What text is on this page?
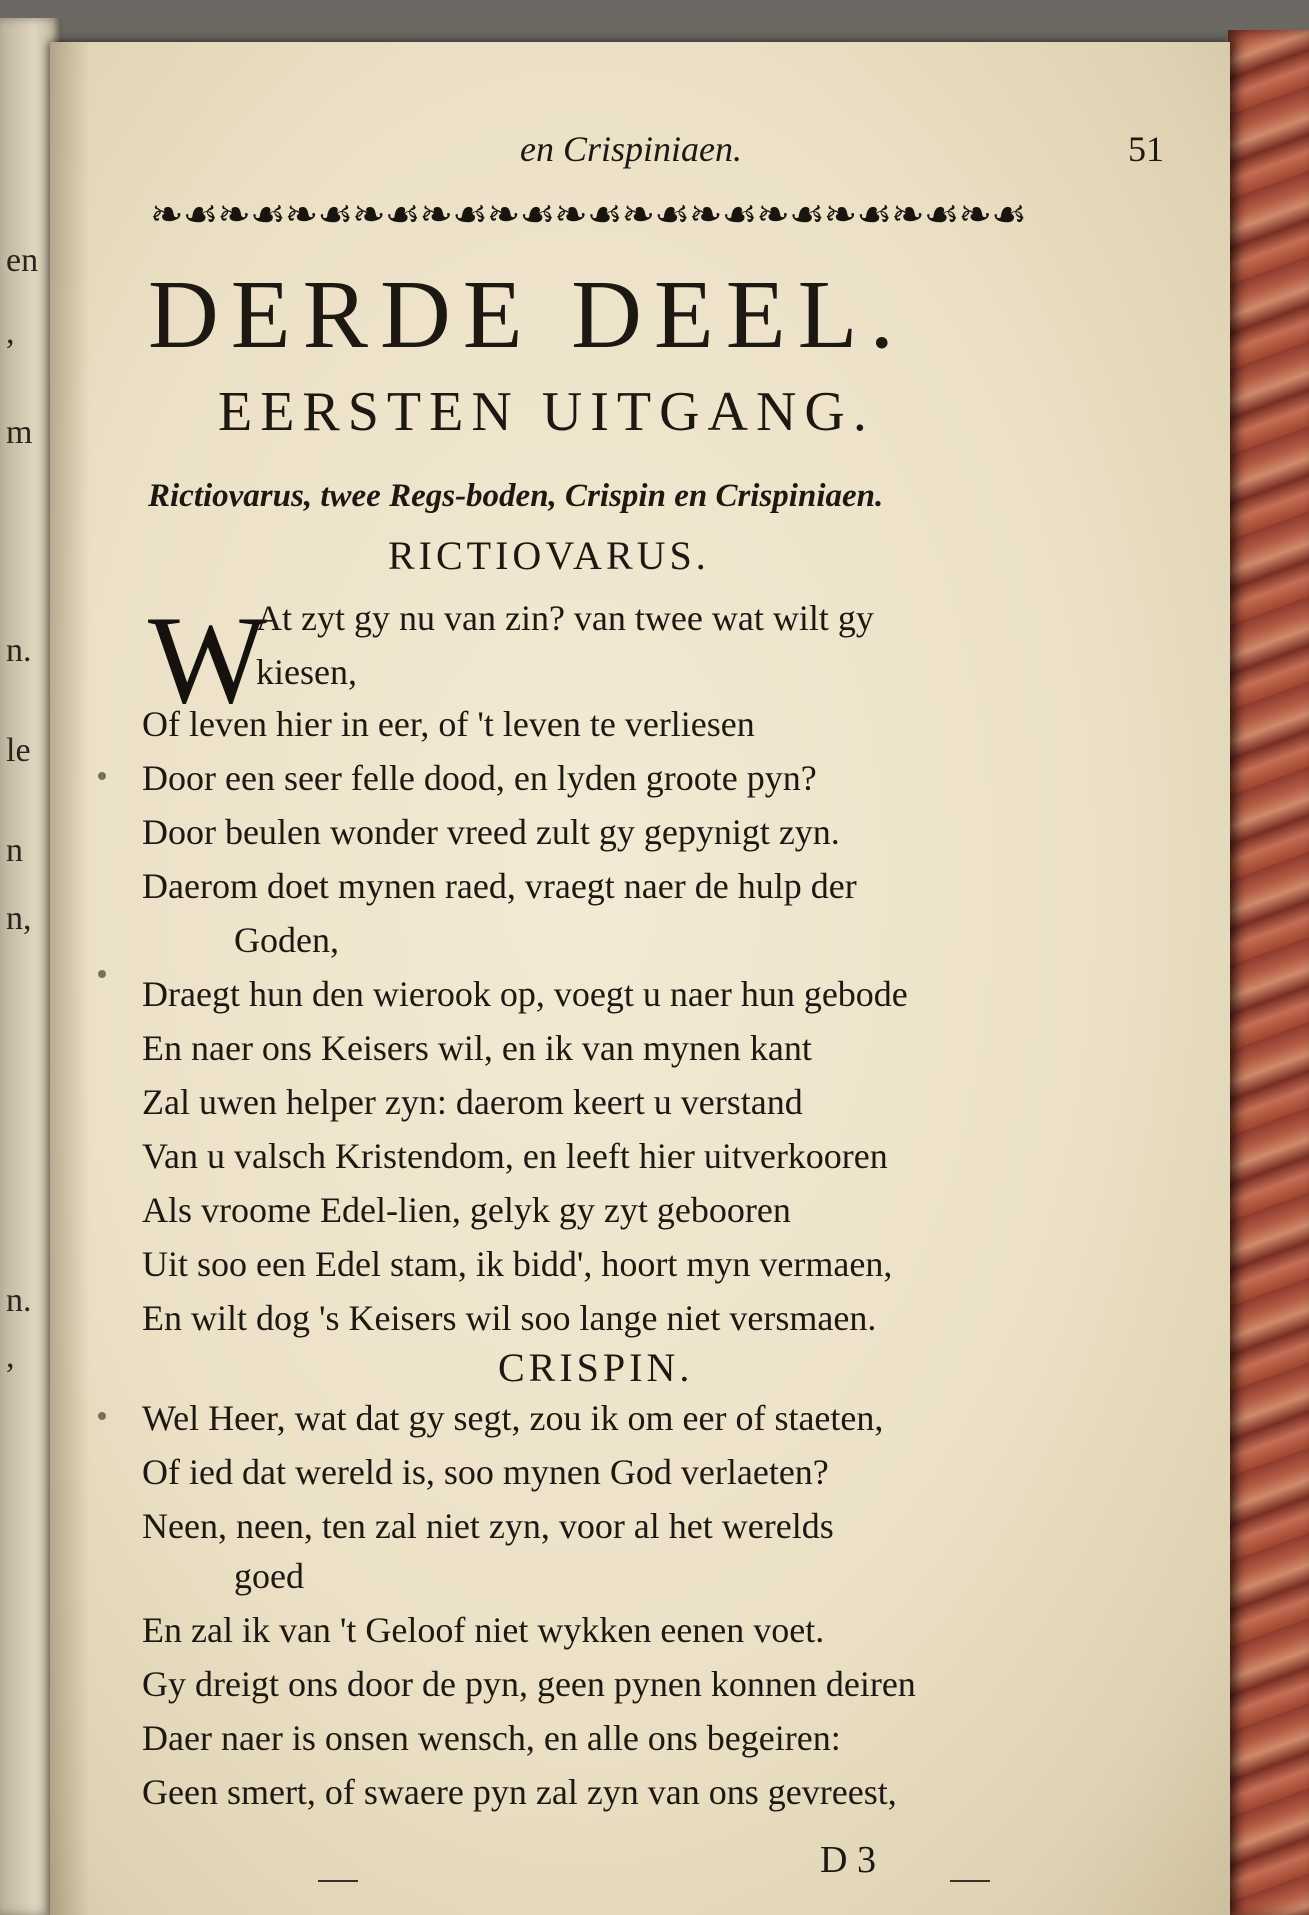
en
,
m
n.
le
n
n,
n.
,
en Crispiniaen.	51
❧☙❧☙❧☙❧☙❧☙❧☙❧☙❧☙❧☙❧☙❧☙❧☙❧☙
DERDE DEEL.
EERSTEN UITGANG.
Rictiovarus, twee Regs-boden, Crispin en Crispiniaen.
RICTIOVARUS.
W
At zyt gy nu van zin? van twee wat wilt gy
kiesen,
Of leven hier in eer, of 't leven te verliesen
Door een seer felle dood, en lyden groote pyn?
Door beulen wonder vreed zult gy gepynigt zyn.
Daerom doet mynen raed, vraegt naer de hulp der
Goden,
Draegt hun den wierook op, voegt u naer hun gebode
En naer ons Keisers wil, en ik van mynen kant
Zal uwen helper zyn: daerom keert u verstand
Van u valsch Kristendom, en leeft hier uitverkooren
Als vroome Edel-lien, gelyk gy zyt gebooren
Uit soo een Edel stam, ik bidd', hoort myn vermaen,
En wilt dog 's Keisers wil soo lange niet versmaen.
CRISPIN.
Wel Heer, wat dat gy segt, zou ik om eer of staeten,
Of ied dat wereld is, soo mynen God verlaeten?
Neen, neen, ten zal niet zyn, voor al het werelds
goed
En zal ik van 't Geloof niet wykken eenen voet.
Gy dreigt ons door de pyn, geen pynen konnen deiren
Daer naer is onsen wensch, en alle ons begeiren:
Geen smert, of swaere pyn zal zyn van ons gevreest,
D 3
